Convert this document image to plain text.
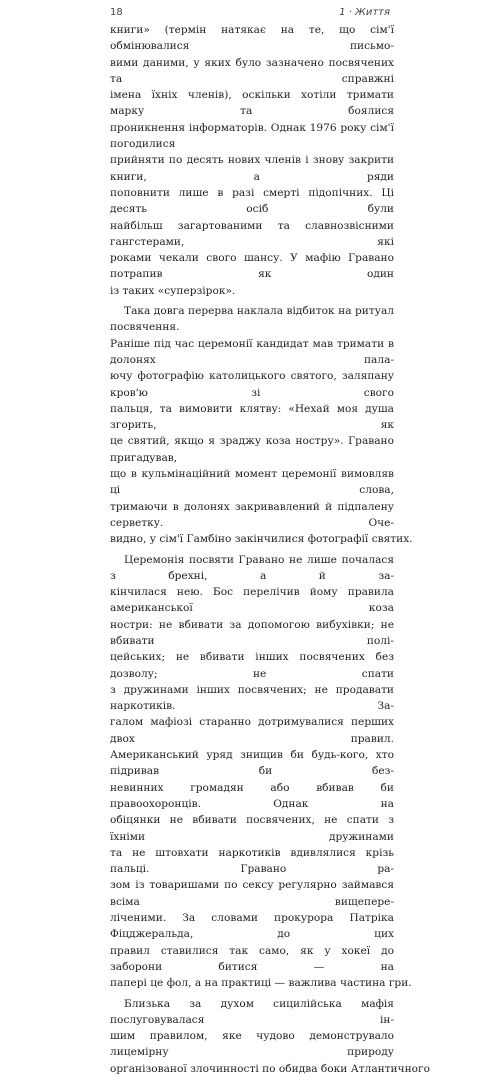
18	1 · Життя
книги» (термін натякає на те, що сім'ї обмінювалися письмо-
вими даними, у яких було зазначено посвячених та справжні
імена їхніх членів), оскільки хотіли тримати марку та боялися
проникнення інформаторів. Однак 1976 року сім'ї погодилися
прийняти по десять нових членів і знову закрити книги, а ряди
поповнити лише в разі смерті підопічних. Ці десять осіб були
найбільш загартованими та славнозвісними гангстерами, які
роками чекали свого шансу. У мафію Гравано потрапив як один
із таких «суперзірок».
Така довга перерва наклала відбиток на ритуал посвячення.
Раніше під час церемонії кандидат мав тримати в долонях пала-
ючу фотографію католицького святого, заляпану кров'ю зі свого
пальця, та вимовити клятву: «Нехай моя душа згорить, як
це святий, якщо я зраджу коза ностру». Гравано пригадував,
що в кульмінаційний момент церемонії вимовляв ці слова,
тримаючи в долонях закривавлений й підпалену серветку. Оче-
видно, у сім'ї Гамбіно закінчилися фотографії святих.
Церемонія посвяти Гравано не лише почалася з брехні, а й за-
кінчилася нею. Бос перелічив йому правила американської коза
ностри: не вбивати за допомогою вибухівки; не вбивати полі-
цейських; не вбивати інших посвячених без дозволу; не спати
з дружинами інших посвячених; не продавати наркотиків. За-
галом мафіозі старанно дотримувалися перших двох правил.
Американський уряд знищив би будь-кого, хто підривав би без-
невинних громадян або вбивав би правоохоронців. Однак на
обіцянки не вбивати посвячених, не спати з їхніми дружинами
та не штовхати наркотиків вдивлялися крізь пальці. Гравано ра-
зом із товаришами по сексу регулярно займався всіма вищепере-
ліченими. За словами прокурора Патріка Фіцджеральда, до цих
правил ставилися так само, як у хокеї до заборони битися — на
папері це фол, а на практиці — важлива частина гри.
Близька за духом сицилійська мафія послуговувалася ін-
шим правилом, яке чудово демонструвало лицемірну природу
організованої злочинності по обидва боки Атлантичного
